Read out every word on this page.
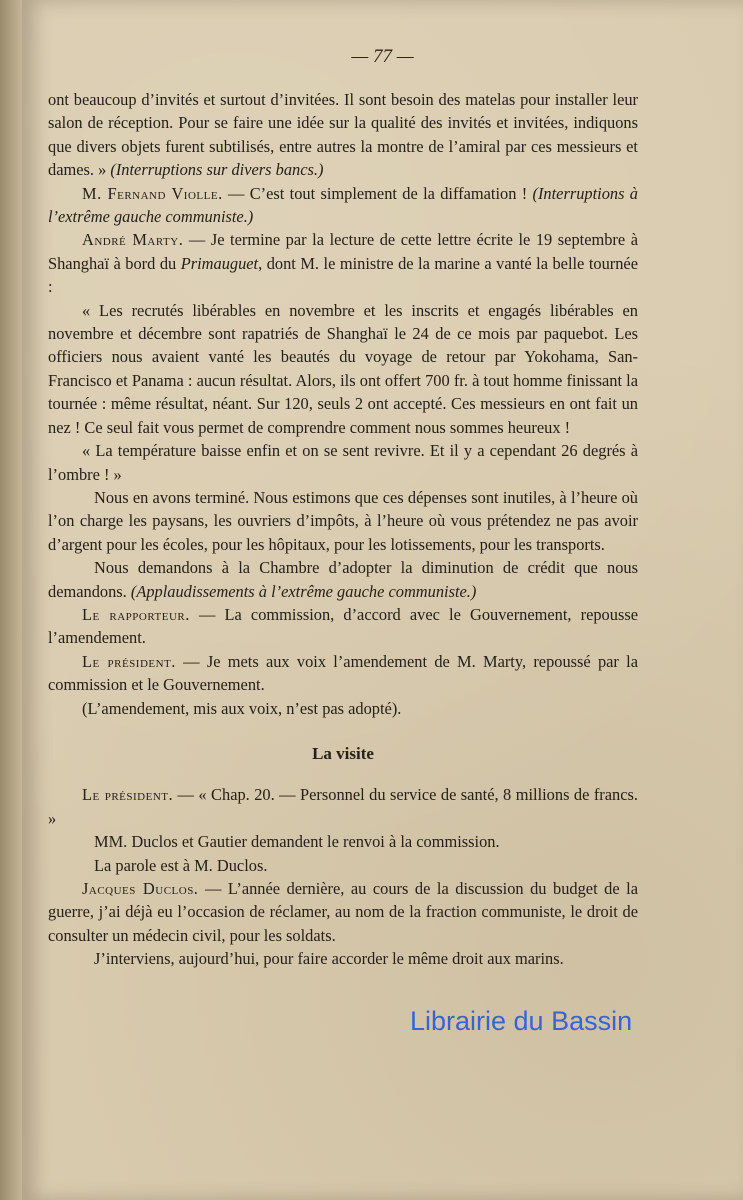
— 77 —

ont beaucoup d’invités et surtout d’invitées. Il sont besoin des matelas pour installer leur salon de réception. Pour se faire une idée sur la qualité des invités et invitées, indiquons que divers objets furent subtilisés, entre autres la montre de l’amiral par ces messieurs et dames. » (Interruptions sur divers bancs.)

M. Fernand Violle. — C’est tout simplement de la diffamation ! (Interruptions à l’extrême gauche communiste.)

André Marty. — Je termine par la lecture de cette lettre écrite le 19 septembre à Shanghaï à bord du Primauguet, dont M. le ministre de la marine a vanté la belle tournée :

« Les recrutés libérables en novembre et les inscrits et engagés libérables en novembre et décembre sont rapatriés de Shanghaï le 24 de ce mois par paquebot. Les officiers nous avaient vanté les beautés du voyage de retour par Yokohama, San-Francisco et Panama : aucun résultat. Alors, ils ont offert 700 fr. à tout homme finissant la tournée : même résultat, néant. Sur 120, seuls 2 ont accepté. Ces messieurs en ont fait un nez ! Ce seul fait vous permet de comprendre comment nous sommes heureux !

« La température baisse enfin et on se sent revivre. Et il y a cependant 26 degrés à l’ombre ! »

Nous en avons terminé. Nous estimons que ces dépenses sont inutiles, à l’heure où l’on charge les paysans, les ouvriers d’impôts, à l’heure où vous prétendez ne pas avoir d’argent pour les écoles, pour les hôpitaux, pour les lotissements, pour les transports.

Nous demandons à la Chambre d’adopter la diminution de crédit que nous demandons. (Applaudissements à l’extrême gauche communiste.)

Le rapporteur. — La commission, d’accord avec le Gouvernement, repousse l’amendement.

Le président. — Je mets aux voix l’amendement de M. Marty, repoussé par la commission et le Gouvernement.

(L’amendement, mis aux voix, n’est pas adopté).

La visite

Le président. — « Chap. 20. — Personnel du service de santé, 8 millions de francs. »

MM. Duclos et Gautier demandent le renvoi à la commission.

La parole est à M. Duclos.

Jacques Duclos. — L’année dernière, au cours de la discussion du budget de la guerre, j’ai déjà eu l’occasion de réclamer, au nom de la fraction communiste, le droit de consulter un médecin civil, pour les soldats.

J’interviens, aujourd’hui, pour faire accorder le même droit aux marins.

Librairie du Bassin
